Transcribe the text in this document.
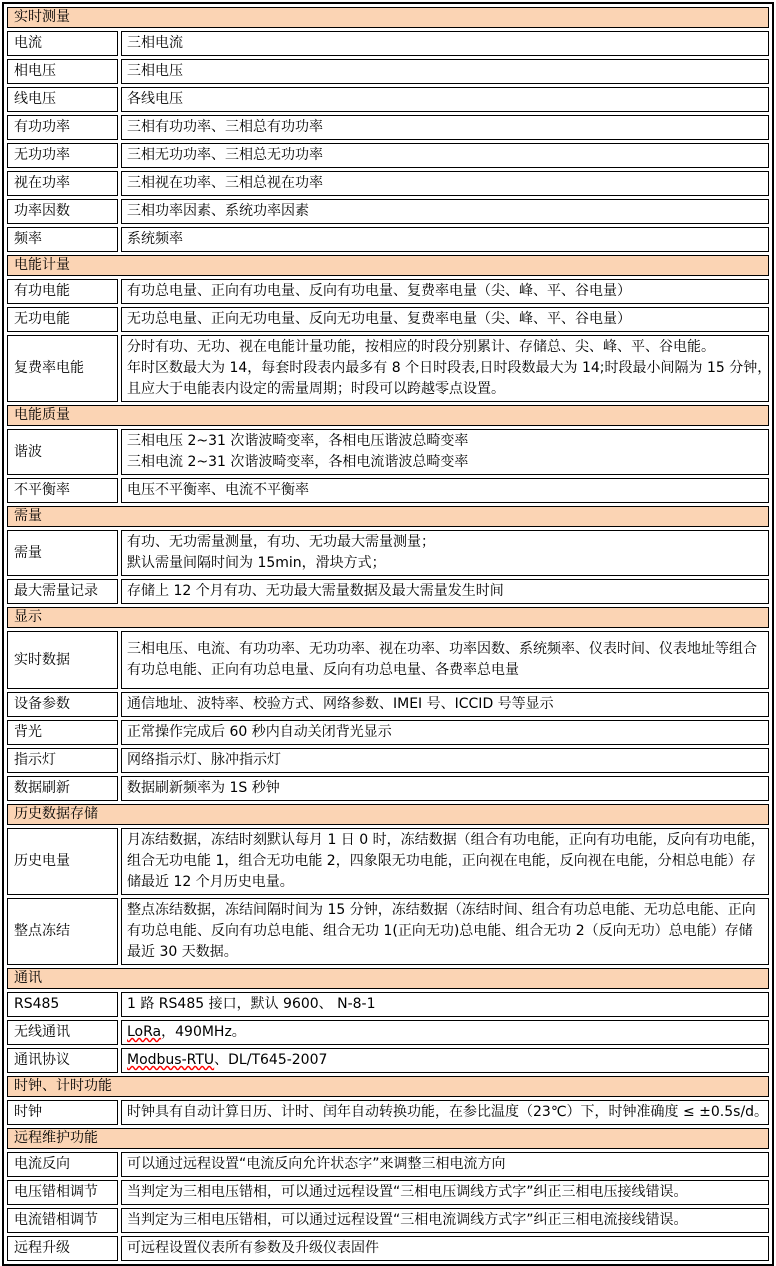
实时测量	
电流	三相电流

相电压	三相电压

线电压	各线电压

有功功率	三相有功功率、三相总有功功率

无功功率	三相无功功率、三相总无功功率

视在功率	三相视在功率、三相总视在功率

功率因数	三相功率因素、系统功率因素

频率	系统频率

电能计量	
有功电能	有功总电量、正向有功电量、反向有功电量、复费率电量（尖、峰、平、谷电量）

无功电能	无功总电量、正向无功电量、反向无功电量、复费率电量（尖、峰、平、谷电量）

复费率电能	分时有功、无功、视在电能计量功能，按相应的时段分别累计、存储总、尖、峰、平、谷电能。
年时区数最大为 14，每套时段表内最多有 8 个日时段表,日时段数最大为 14;时段最小间隔为 15 分钟，
且应大于电能表内设定的需量周期；时段可以跨越零点设置。

电能质量	
谐波	三相电压 2~31 次谐波畸变率，各相电压谐波总畸变率
三相电流 2~31 次谐波畸变率，各相电流谐波总畸变率

不平衡率	电压不平衡率、电流不平衡率

需量	
需量	有功、无功需量测量，有功、无功最大需量测量；
默认需量间隔时间为 15min，滑块方式；

最大需量记录	存储上 12 个月有功、无功最大需量数据及最大需量发生时间

显示	
实时数据	三相电压、电流、有功功率、无功功率、视在功率、功率因数、系统频率、仪表时间、仪表地址等组合
有功总电能、正向有功总电量、反向有功总电量、各费率总电量

设备参数	通信地址、波特率、校验方式、网络参数、IMEI 号、ICCID 号等显示

背光	正常操作完成后 60 秒内自动关闭背光显示

指示灯	网络指示灯、脉冲指示灯

数据刷新	数据刷新频率为 1S 秒钟

历史数据存储	
历史电量	月冻结数据，冻结时刻默认每月 1 日 0 时，冻结数据（组合有功电能，正向有功电能，反向有功电能，
组合无功电能 1，组合无功电能 2，四象限无功电能，正向视在电能，反向视在电能，分相总电能）存
储最近 12 个月历史电量。

整点冻结	整点冻结数据，冻结间隔时间为 15 分钟，冻结数据（冻结时间、组合有功总电能、无功总电能、正向
有功总电能、反向有功总电能、组合无功 1(正向无功)总电能、组合无功 2（反向无功）总电能）存储
最近 30 天数据。

通讯	
RS485	1 路 RS485 接口，默认 9600、 N-8-1

无线通讯	LoRa，490MHz。

通讯协议	Modbus-RTU、DL/T645-2007

时钟、计时功能	
时钟	时钟具有自动计算日历、计时、闰年自动转换功能，在参比温度（23℃）下，时钟准确度 ≤ ±0.5s/d。

远程维护功能	
电流反向	可以通过远程设置“电流反向允许状态字”来调整三相电流方向

电压错相调节	当判定为三相电压错相，可以通过远程设置“三相电压调线方式字”纠正三相电压接线错误。

电流错相调节	当判定为三相电压错相，可以通过远程设置“三相电流调线方式字”纠正三相电流接线错误。

远程升级	可远程设置仪表所有参数及升级仪表固件
